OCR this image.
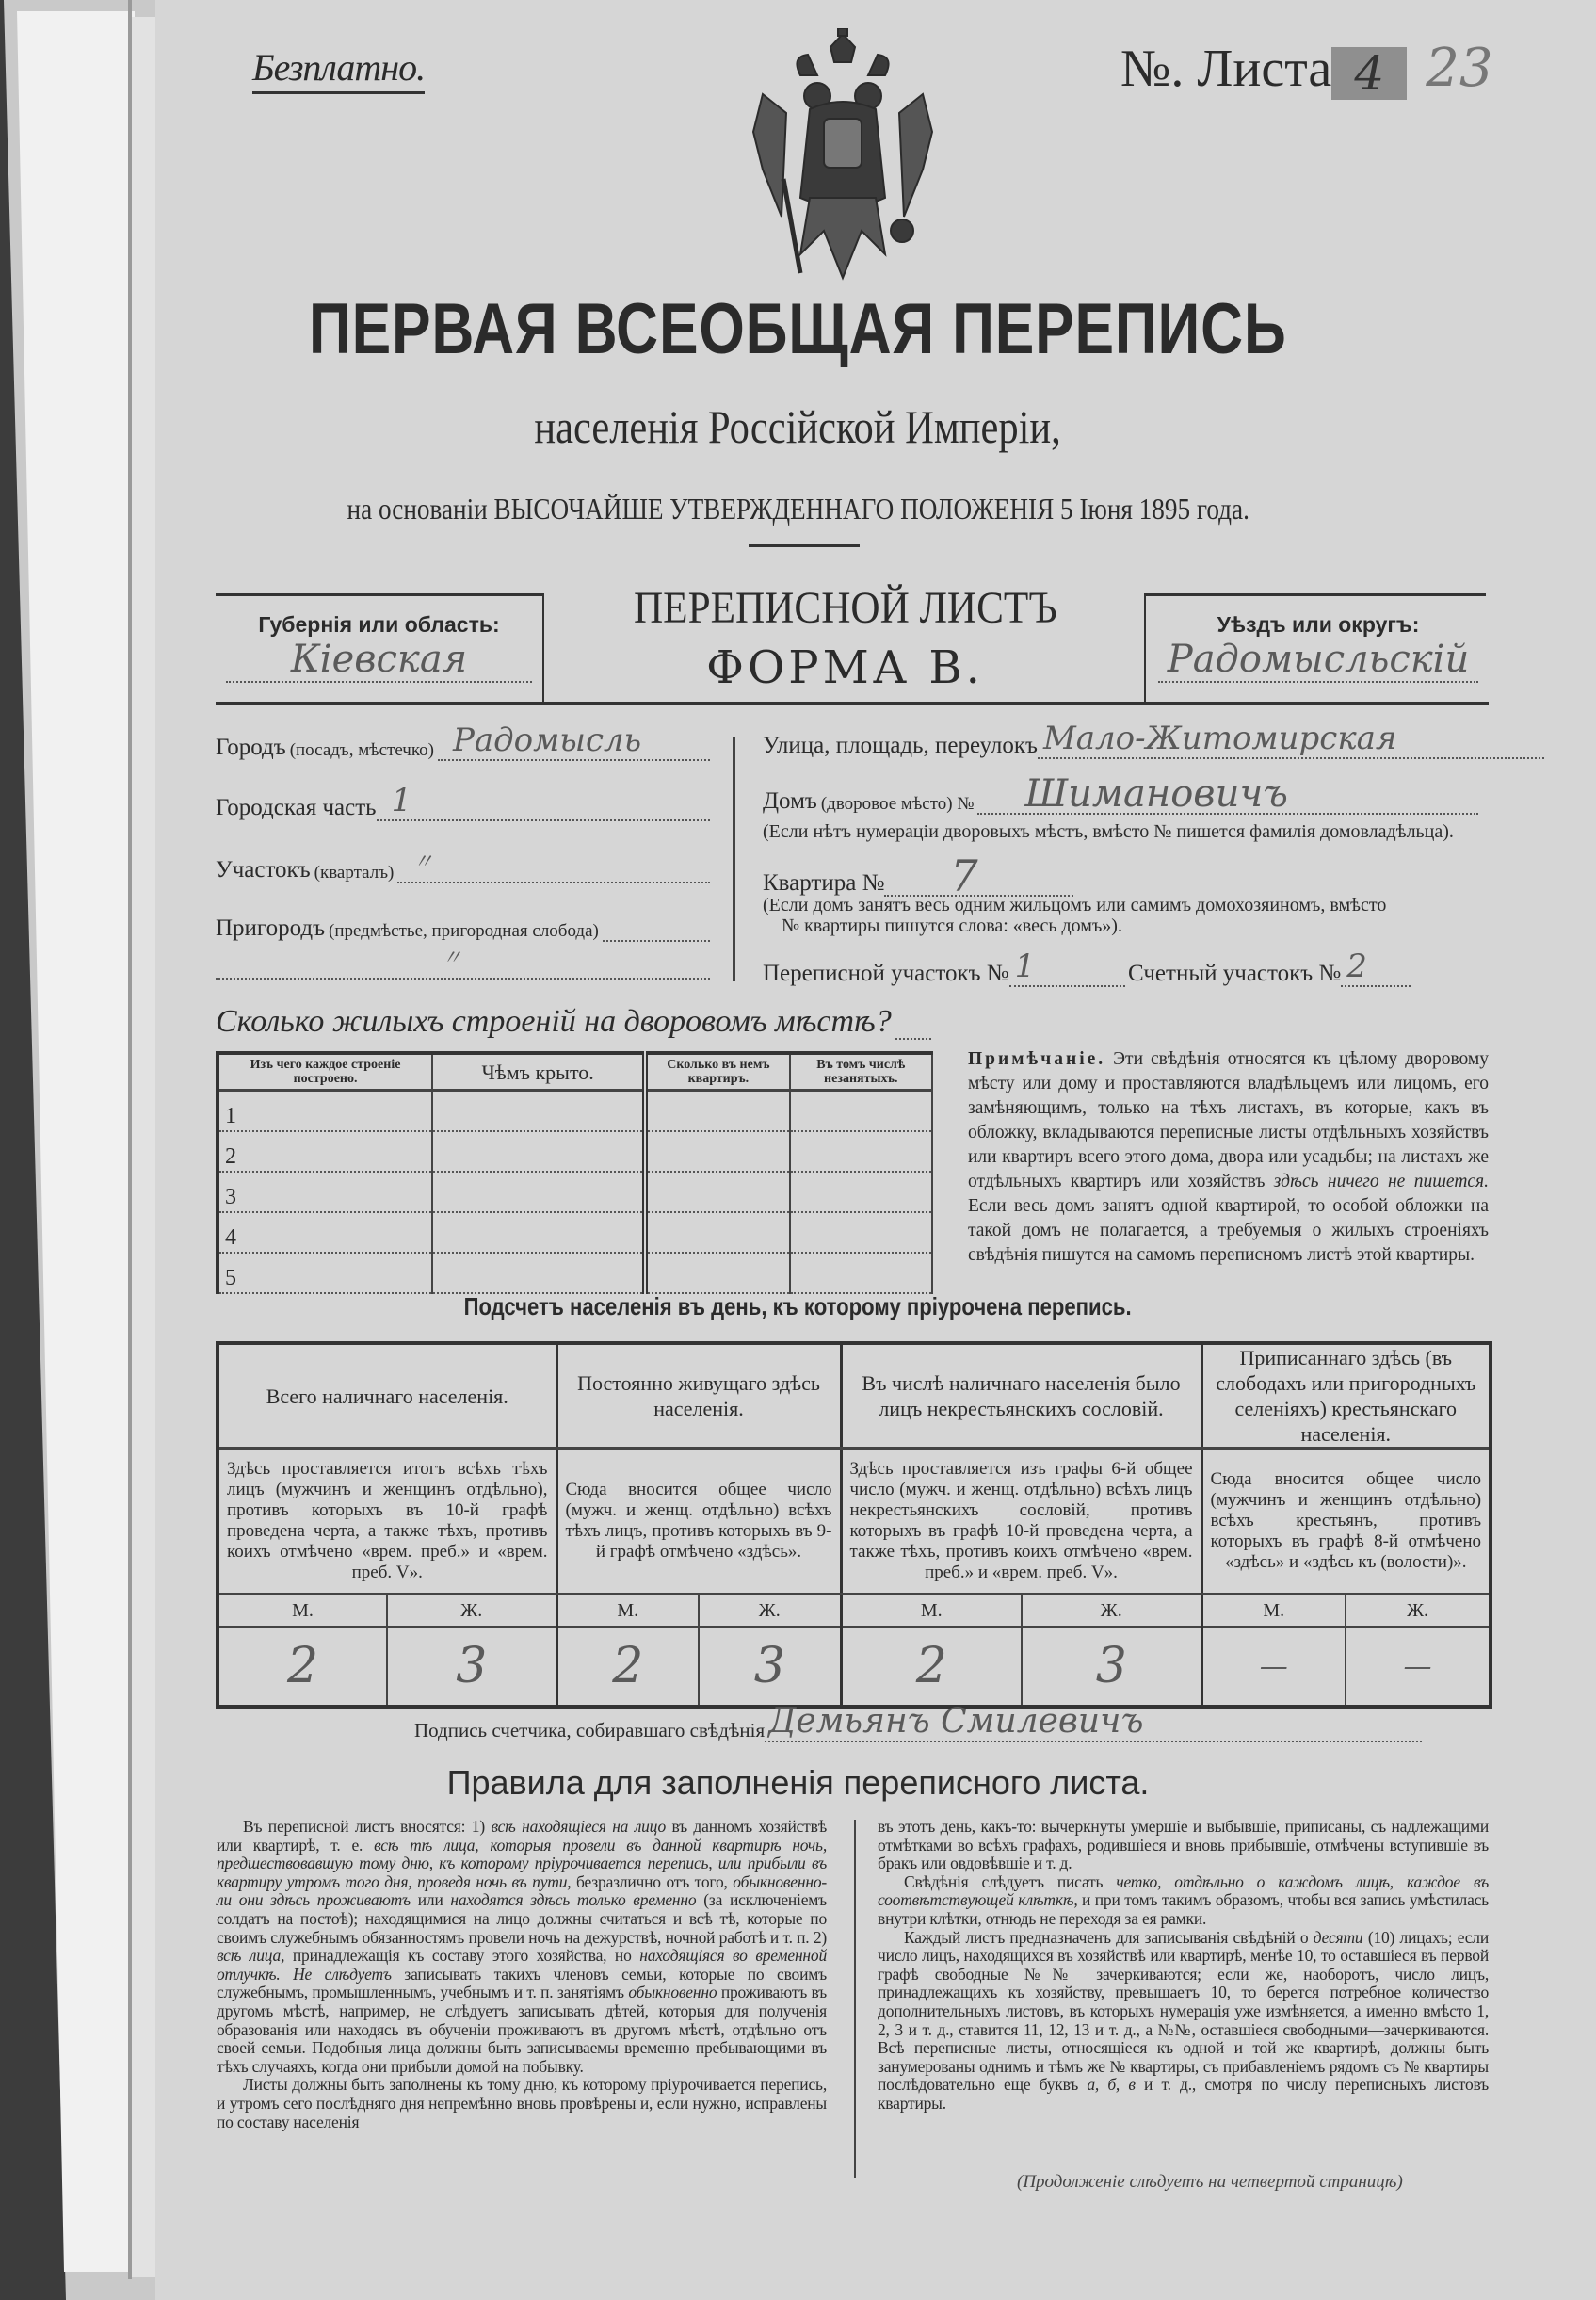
Безплатно.	№. Листа 4 23
ПЕРВАЯ ВСЕОБЩАЯ ПЕРЕПИСЬ
населенія Россійской Имперіи,
на основаніи ВЫСОЧАЙШЕ УТВЕРЖДЕННАГО ПОЛОЖЕНІЯ 5 Іюня 1895 года.
Губернія или область:
Кіевская
ПЕРЕПИСНОЙ ЛИСТЪ
ФОРМА В.
Уѣздъ или округъ:
Радомысльскій
Городъ (посадъ, мѣстечко) Радомысль
Городская часть 1
Участокъ (кварталъ) 〃
Пригородъ (предмѣстье, пригородная слобода)
〃
Улица, площадь, переулокъ Мало-Житомирская
Домъ (дворовое мѣсто) №	Шимановичъ
(Если нѣтъ нумераціи дворовыхъ мѣстъ, вмѣсто № пишется фамилія домовладѣльца).
Квартира №	7
(Если домъ занятъ весь одним жильцомъ или самимъ домохозяиномъ, вмѣсто
№ квартиры пишутся слова: «весь домъ»).
Переписной участокъ № 1	Счетный участокъ № 2
Сколько жилыхъ строеній на дворовомъ мѣстѣ?
Изъ чего каждое строеніе построено.	Чѣмъ крыто.	Сколько въ немъ квартиръ.	Въ томъ числѣ незанятыхъ.
1			
2			
3			
4			
5			
Примѣчаніе. Эти свѣдѣнія относятся къ цѣлому дворовому мѣсту или дому и проставляются владѣльцемъ или лицомъ, его замѣняющимъ, только на тѣхъ листахъ, въ которые, какъ въ обложку, вкладываются переписные листы отдѣльныхъ хозяйствъ или квартиръ всего этого дома, двора или усадьбы; на листахъ же отдѣльныхъ квартиръ или хозяйствъ здѣсь ничего не пишется. Если весь домъ занятъ одной квартирой, то особой обложки на такой домъ не полагается, а требуемыя о жилыхъ строеніяхъ свѣдѣнія пишутся на самомъ переписномъ листѣ этой квартиры.
Подсчетъ населенія въ день, къ которому пріурочена перепись.
Всего наличнаго населенія.		Постоянно живущаго здѣсь населенія.		Въ числѣ наличнаго населенія было лицъ некрестьянскихъ сословій.		Приписаннаго здѣсь (въ слободахъ или пригородныхъ селеніяхъ) крестьянскаго населенія.	
Здѣсь проставляется итогъ всѣхъ тѣхъ лицъ (мужчинъ и женщинъ отдѣльно), противъ которыхъ въ 10-й графѣ проведена черта, а также тѣхъ, противъ коихъ отмѣчено «врем. преб.» и «врем. преб. V».		Сюда вносится общее число (мужч. и женщ. отдѣльно) всѣхъ тѣхъ лицъ, противъ которыхъ въ 9-й графѣ отмѣчено «здѣсь».		Здѣсь проставляется изъ графы 6-й общее число (мужч. и женщ. отдѣльно) всѣхъ лицъ некрестьянскихъ сословій, противъ которыхъ въ графѣ 10-й проведена черта, а также тѣхъ, противъ коихъ отмѣчено «врем. преб.» и «врем. преб. V».		Сюда вносится общее число (мужчинъ и женщинъ отдѣльно) всѣхъ крестьянъ, противъ которыхъ въ графѣ 8-й отмѣчено «здѣсь» и «здѣсь къ (волости)».	
М.	Ж.	М.	Ж.	М.	Ж.	М.	Ж.
2	3	2	3	2	3	—	—
Подпись счетчика, собиравшаго свѣдѣнія Демьянъ Смилевичъ
Правила для заполненія переписного листа.

Въ переписной листъ вносятся: 1) всѣ находящіеся на лицо въ данномъ хозяйствѣ или квартирѣ, т. е. всѣ тѣ лица, которыя провели въ данной квартирѣ ночь, предшествовавшую тому дню, къ которому пріурочивается перепись, или прибыли въ квартиру утромъ того дня, проведя ночь въ пути, безразлично отъ того, обыкновенно-ли они здѣсь проживаютъ или находятся здѣсь только временно (за исключеніемъ солдатъ на постоѣ); находящимися на лицо должны считаться и всѣ тѣ, которые по своимъ служебнымъ обязанностямъ провели ночь на дежурствѣ, ночной работѣ и т. п. 2) всѣ лица, принадлежащія къ составу этого хозяйства, но находящіяся во временной отлучкѣ. Не слѣдуетъ записывать такихъ членовъ семьи, которые по своимъ служебнымъ, промышленнымъ, учебнымъ и т. п. занятіямъ обыкновенно проживаютъ въ другомъ мѣстѣ, например, не слѣдуетъ записывать дѣтей, которыя для полученія образованія или находясь въ обученіи проживаютъ въ другомъ мѣстѣ, отдѣльно отъ своей семьи. Подобныя лица должны быть записываемы временно пребывающими въ тѣхъ случаяхъ, когда они прибыли домой на побывку.

Листы должны быть заполнены къ тому дню, къ которому пріурочивается перепись, и утромъ сего послѣдняго дня непремѣнно вновь провѣрены и, если нужно, исправлены по составу населенія

въ этотъ день, какъ-то: вычеркнуты умершіе и выбывшіе, приписаны, съ надлежащими отмѣтками во всѣхъ графахъ, родившіеся и вновь прибывшіе, отмѣчены вступившіе въ бракъ или овдовѣвшіе и т. д.

Свѣдѣнія слѣдуетъ писать четко, отдѣльно о каждомъ лицѣ, каждое въ соотвѣтствующей клѣткѣ, и при томъ такимъ образомъ, чтобы вся запись умѣстилась внутри клѣтки, отнюдь не переходя за ея рамки.

Каждый листъ предназначенъ для записыванія свѣдѣній о десяти (10) лицахъ; если число лицъ, находящихся въ хозяйствѣ или квартирѣ, менѣе 10, то оставшіеся въ первой графѣ свободные №№ зачеркиваются; если же, наоборотъ, число лицъ, принадлежащихъ къ хозяйству, превышаетъ 10, то берется потребное количество дополнительныхъ листовъ, въ которыхъ нумерація уже измѣняется, а именно вмѣсто 1, 2, 3 и т. д., ставится 11, 12, 13 и т. д., а №№, оставшіеся свободными—зачеркиваются. Всѣ переписные листы, относящіеся къ одной и той же квартирѣ, должны быть занумерованы однимъ и тѣмъ же № квартиры, съ прибавленіемъ рядомъ съ № квартиры послѣдовательно еще буквъ а, б, в и т. д., смотря по числу переписныхъ листовъ квартиры.

(Продолженіе слѣдуетъ на четвертой страницѣ)
